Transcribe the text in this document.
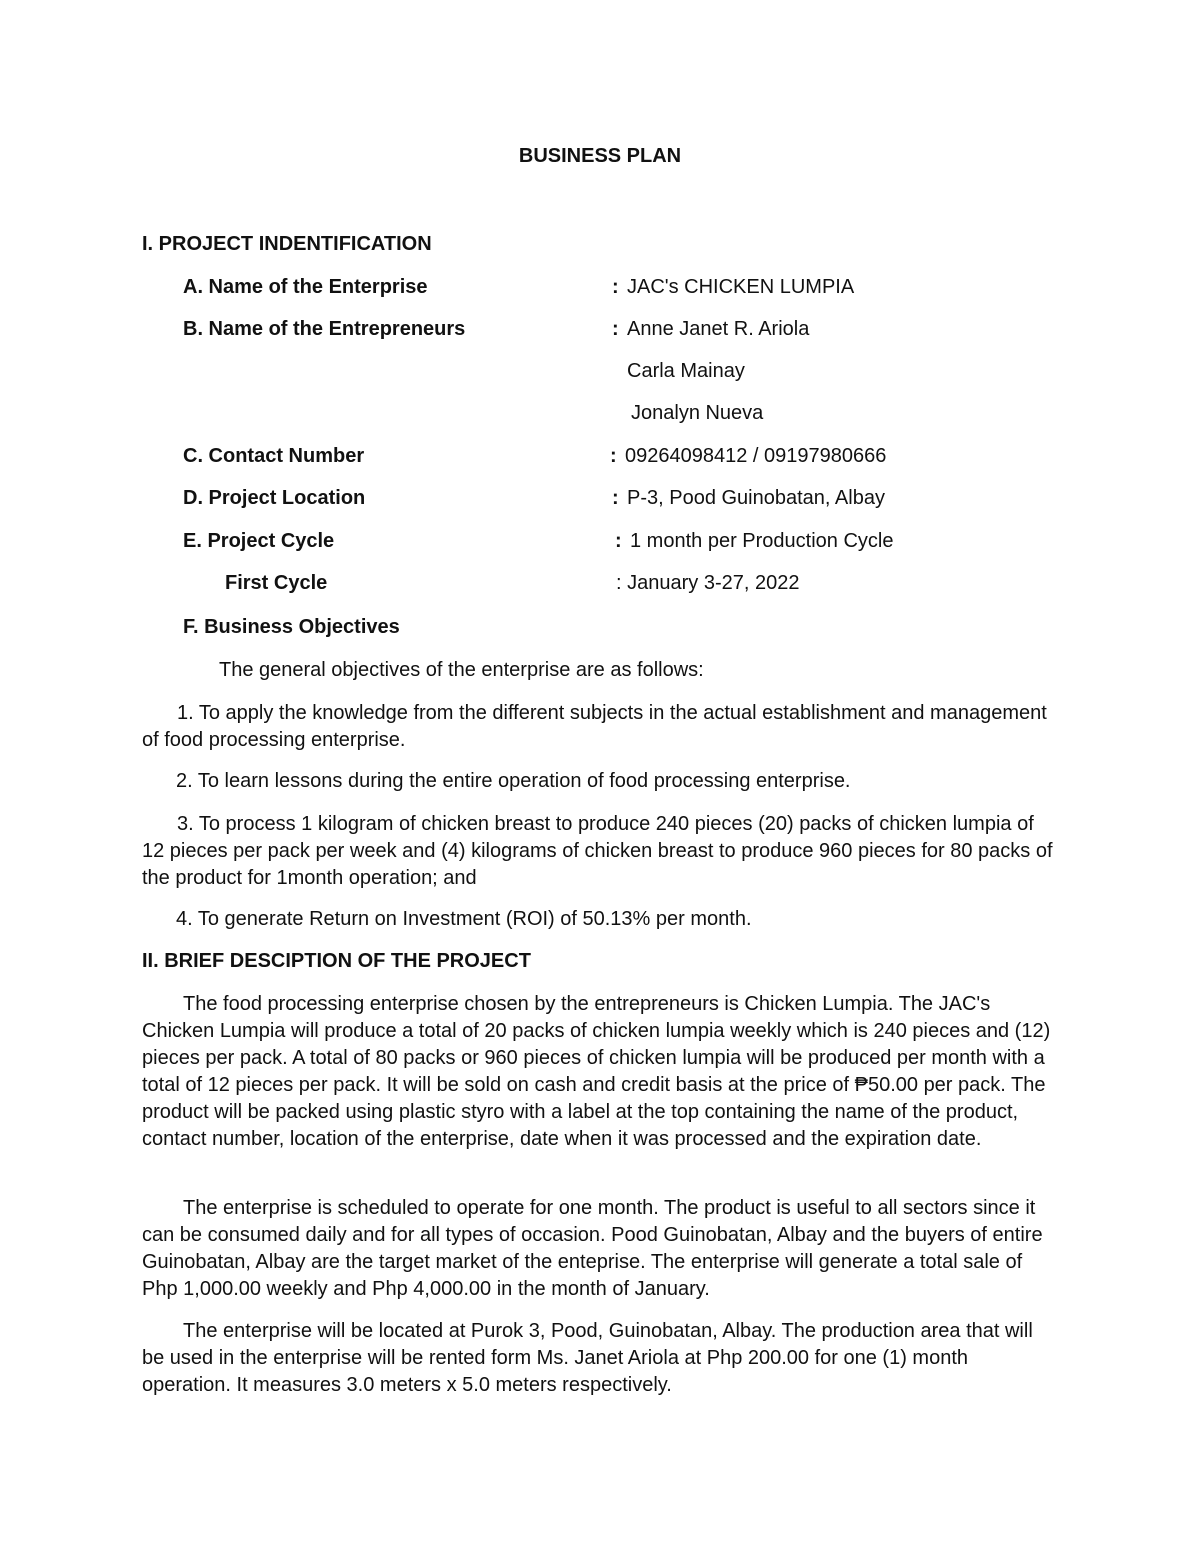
BUSINESS PLAN
I. PROJECT INDENTIFICATION
A. Name of the Enterprise	: JAC's CHICKEN LUMPIA
B. Name of the Entrepreneurs	: Anne Janet R. Ariola
Carla Mainay
Jonalyn Nueva
C. Contact Number	: 09264098412 / 09197980666
D. Project Location	: P-3, Pood Guinobatan, Albay
E. Project Cycle	: 1 month per Production Cycle
First Cycle	: January 3-27, 2022
F. Business Objectives
The general objectives of the enterprise are as follows:
1. To apply the knowledge from the different subjects in the actual establishment and management of food processing enterprise.
2. To learn lessons during the entire operation of food processing enterprise.
3. To process 1 kilogram of chicken breast to produce 240 pieces (20) packs of chicken lumpia of 12 pieces per pack per week and (4) kilograms of chicken breast to produce 960 pieces for 80 packs of the product for 1month operation; and
4. To generate Return on Investment (ROI) of 50.13% per month.
II. BRIEF DESCIPTION OF THE PROJECT
The food processing enterprise chosen by the entrepreneurs is Chicken Lumpia. The JAC's Chicken Lumpia will produce a total of 20 packs of chicken lumpia weekly which is 240 pieces and (12) pieces per pack. A total of 80 packs or 960 pieces of chicken lumpia will be produced per month with a total of 12 pieces per pack. It will be sold on cash and credit basis at the price of ₱50.00 per pack. The product will be packed using plastic styro with a label at the top containing the name of the product, contact number, location of the enterprise, date when it was processed and the expiration date.
The enterprise is scheduled to operate for one month. The product is useful to all sectors since it can be consumed daily and for all types of occasion. Pood Guinobatan, Albay and the buyers of entire Guinobatan, Albay are the target market of the enteprise. The enterprise will generate a total sale of Php 1,000.00 weekly and Php 4,000.00 in the month of January.
The enterprise will be located at Purok 3, Pood, Guinobatan, Albay. The production area that will be used in the enterprise will be rented form Ms. Janet Ariola at Php 200.00 for one (1) month operation. It measures 3.0 meters x 5.0 meters respectively.
